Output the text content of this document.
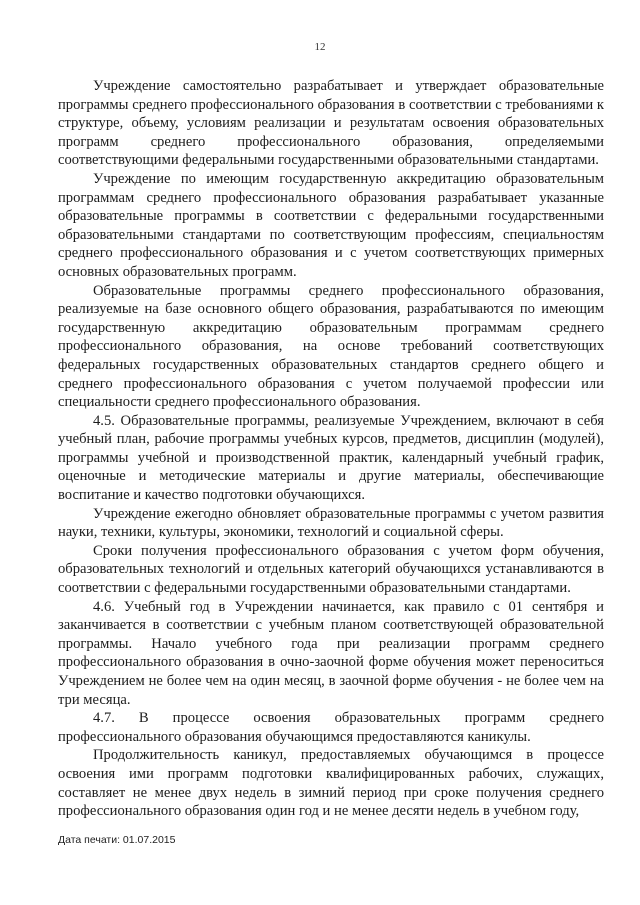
12

Учреждение самостоятельно разрабатывает и утверждает образовательные программы среднего профессионального образования в соответствии с требованиями к структуре, объему, условиям реализации и результатам освоения образовательных программ среднего профессионального образования, определяемыми соответствующими федеральными государственными образовательными стандартами.

Учреждение по имеющим государственную аккредитацию образовательным программам среднего профессионального образования разрабатывает указанные образовательные программы в соответствии с федеральными государственными образовательными стандартами по соответствующим профессиям, специальностям среднего профессионального образования и с учетом соответствующих примерных основных образовательных программ.

Образовательные программы среднего профессионального образования, реализуемые на базе основного общего образования, разрабатываются по имеющим государственную аккредитацию образовательным программам среднего профессионального образования, на основе требований соответствующих федеральных государственных образовательных стандартов среднего общего и среднего профессионального образования с учетом получаемой профессии или специальности среднего профессионального образования.

4.5. Образовательные программы, реализуемые Учреждением, включают в себя учебный план, рабочие программы учебных курсов, предметов, дисциплин (модулей), программы учебной и производственной практик, календарный учебный график, оценочные и методические материалы и другие материалы, обеспечивающие воспитание и качество подготовки обучающихся.

Учреждение ежегодно обновляет образовательные программы с учетом развития науки, техники, культуры, экономики, технологий и социальной сферы.

Сроки получения профессионального образования с учетом форм обучения, образовательных технологий и отдельных категорий обучающихся устанавливаются в соответствии с федеральными государственными образовательными стандартами.

4.6. Учебный год в Учреждении начинается, как правило с 01 сентября и заканчивается в соответствии с учебным планом соответствующей образовательной программы. Начало учебного года при реализации программ среднего профессионального образования в очно-заочной форме обучения может переноситься Учреждением не более чем на один месяц, в заочной форме обучения - не более чем на три месяца.

4.7. В процессе освоения образовательных программ среднего профессионального образования обучающимся предоставляются каникулы.

Продолжительность каникул, предоставляемых обучающимся в процессе освоения ими программ подготовки квалифицированных рабочих, служащих, составляет не менее двух недель в зимний период при сроке получения среднего профессионального образования один год и не менее десяти недель в учебном году,

Дата печати: 01.07.2015
